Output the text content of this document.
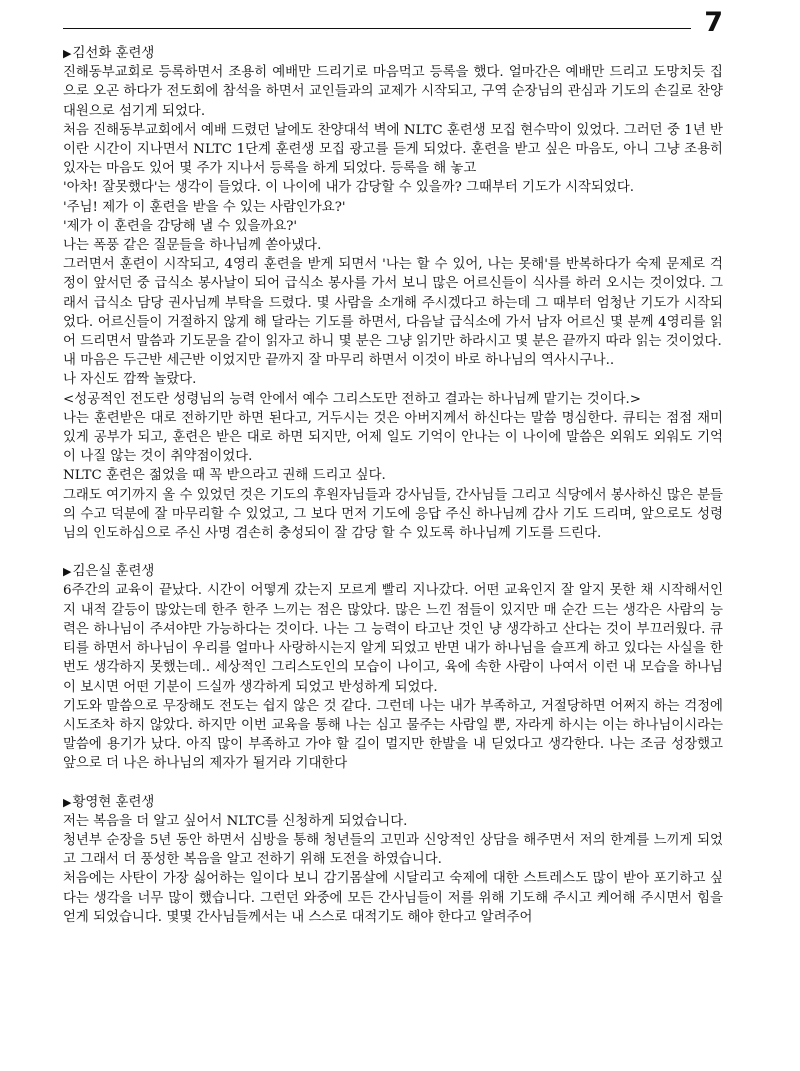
7
▶김선화 훈련생

진해동부교회로 등록하면서 조용히 예배만 드리기로 마음먹고 등록을 했다. 얼마간은 예배만 드리고 도망치듯 집으로 오곤 하다가 전도회에 참석을 하면서 교인들과의 교제가 시작되고, 구역 순장님의 관심과 기도의 손길로 찬양대원으로 섬기게 되었다.

처음 진해동부교회에서 예배 드렸던 날에도 찬양대석 벽에 NLTC 훈련생 모집 현수막이 있었다. 그러던 중 1년 반이란 시간이 지나면서 NLTC 1단계 훈련생 모집 광고를 듣게 되었다. 훈련을 받고 싶은 마음도, 아니 그냥 조용히 있자는 마음도 있어 몇 주가 지나서 등록을 하게 되었다. 등록을 해 놓고

'아차! 잘못했다'는 생각이 들었다. 이 나이에 내가 감당할 수 있을까? 그때부터 기도가 시작되었다.

'주님! 제가 이 훈련을 받을 수 있는 사람인가요?'

'제가 이 훈련을 감당해 낼 수 있을까요?'

나는 폭풍 같은 질문들을 하나님께 쏟아냈다.

그러면서 훈련이 시작되고, 4영리 훈련을 받게 되면서 '나는 할 수 있어, 나는 못해'를 반복하다가 숙제 문제로 걱정이 앞서던 중 급식소 봉사날이 되어 급식소 봉사를 가서 보니 많은 어르신들이 식사를 하러 오시는 것이었다. 그래서 급식소 담당 권사님께 부탁을 드렸다. 몇 사람을 소개해 주시겠다고 하는데 그 때부터 엄청난 기도가 시작되었다. 어르신들이 거절하지 않게 해 달라는 기도를 하면서, 다음날 급식소에 가서 남자 어르신 몇 분께 4영리를 읽어 드리면서 말씀과 기도문을 같이 읽자고 하니 몇 분은 그냥 읽기만 하라시고 몇 분은 끝까지 따라 읽는 것이었다.

내 마음은 두근반 세근반 이었지만 끝까지 잘 마무리 하면서 이것이 바로 하나님의 역사시구나..

나 자신도 깜짝 놀랐다.

<성공적인 전도란 성령님의 능력 안에서 예수 그리스도만 전하고 결과는 하나님께 맡기는 것이다.>

나는 훈련받은 대로 전하기만 하면 된다고, 거두시는 것은 아버지께서 하신다는 말씀 명심한다. 큐티는 점점 재미있게 공부가 되고, 훈련은 받은 대로 하면 되지만, 어제 일도 기억이 안나는 이 나이에 말씀은 외워도 외워도 기억이 나질 않는 것이 취약점이었다.

NLTC 훈련은 젊었을 때 꼭 받으라고 권해 드리고 싶다.

그래도 여기까지 올 수 있었던 것은 기도의 후원자님들과 강사님들, 간사님들 그리고 식당에서 봉사하신 많은 분들의 수고 덕분에 잘 마무리할 수 있었고, 그 보다 먼저 기도에 응답 주신 하나님께 감사 기도 드리며, 앞으로도 성령님의 인도하심으로 주신 사명 겸손히 충성되이 잘 감당 할 수 있도록 하나님께 기도를 드린다.

▶김은실 훈련생

6주간의 교육이 끝났다. 시간이 어떻게 갔는지 모르게 빨리 지나갔다. 어떤 교육인지 잘 알지 못한 채 시작해서인지 내적 갈등이 많았는데 한주 한주 느끼는 점은 많았다. 많은 느낀 점들이 있지만 매 순간 드는 생각은 사람의 능력은 하나님이 주셔야만 가능하다는 것이다. 나는 그 능력이 타고난 것인 냥 생각하고 산다는 것이 부끄러웠다. 큐티를 하면서 하나님이 우리를 얼마나 사랑하시는지 알게 되었고 반면 내가 하나님을 슬프게 하고 있다는 사실을 한 번도 생각하지 못했는데.. 세상적인 그리스도인의 모습이 나이고, 육에 속한 사람이 나여서 이런 내 모습을 하나님이 보시면 어떤 기분이 드실까 생각하게 되었고 반성하게 되었다.

기도와 말씀으로 무장해도 전도는 쉽지 않은 것 같다. 그런데 나는 내가 부족하고, 거절당하면 어쩌지 하는 걱정에 시도조차 하지 않았다. 하지만 이번 교육을 통해 나는 심고 물주는 사람일 뿐, 자라게 하시는 이는 하나님이시라는 말씀에 용기가 났다. 아직 많이 부족하고 가야 할 길이 멀지만 한발을 내 딛었다고 생각한다. 나는 조금 성장했고 앞으로 더 나은 하나님의 제자가 될거라 기대한다

▶황영현 훈련생

저는 복음을 더 알고 싶어서 NLTC를 신청하게 되었습니다.

청년부 순장을 5년 동안 하면서 심방을 통해 청년들의 고민과 신앙적인 상담을 해주면서 저의 한계를 느끼게 되었고 그래서 더 풍성한 복음을 알고 전하기 위해 도전을 하였습니다.

처음에는 사탄이 가장 싫어하는 일이다 보니 감기몸살에 시달리고 숙제에 대한 스트레스도 많이 받아 포기하고 싶다는 생각을 너무 많이 했습니다. 그런던 와중에 모든 간사님들이 저를 위해 기도해 주시고 케어해 주시면서 힘을 얻게 되었습니다. 몇몇 간사님들께서는 내 스스로 대적기도 해야 한다고 알려주어
